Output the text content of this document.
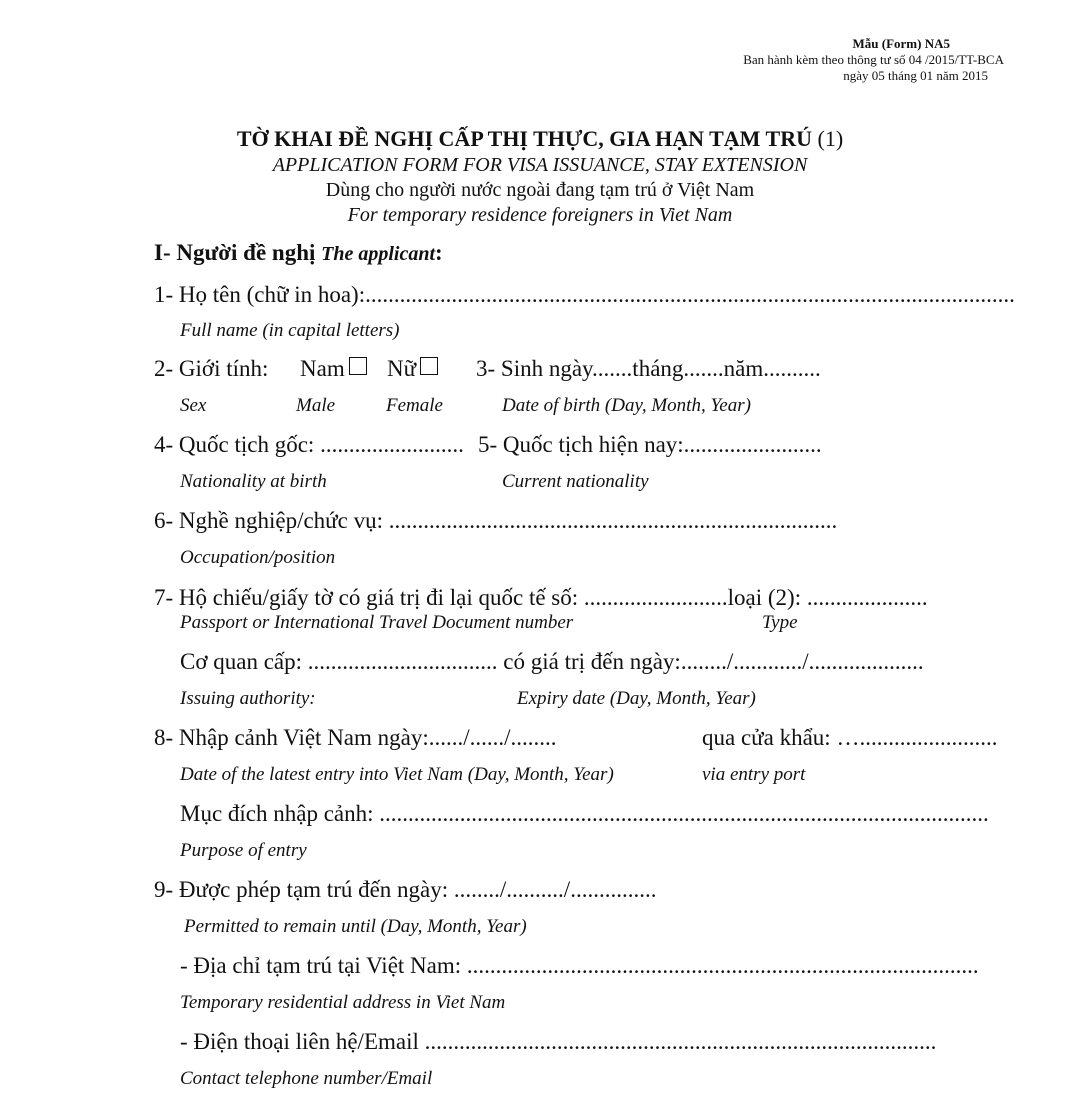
Mẫu (Form) NA5
Ban hành kèm theo thông tư số 04 /2015/TT-BCA
ngày 05 tháng 01 năm 2015
TỜ KHAI ĐỀ NGHỊ CẤP THỊ THỰC, GIA HẠN TẠM TRÚ (1)
APPLICATION FORM FOR VISA ISSUANCE, STAY EXTENSION
Dùng cho người nước ngoài đang tạm trú ở Việt Nam
For temporary residence foreigners in Viet Nam
I- Người đề nghị The applicant:
1- Họ tên (chữ in hoa):.................................................................................................................
Full name (in capital letters)
2- Giới tính: Nam	Nữ	3- Sinh ngày.......tháng.......năm..........
Sex	Male	Female	Date of birth (Day, Month, Year)
4- Quốc tịch gốc: ......................... 5- Quốc tịch hiện nay:........................
Nationality at birth	Current nationality
6- Nghề nghiệp/chức vụ: ..............................................................................
Occupation/position
7- Hộ chiếu/giấy tờ có giá trị đi lại quốc tế số: .........................loại (2): .....................
Passport or International Travel Document number	Type
Cơ quan cấp: ................................. có giá trị đến ngày:......../............/....................
Issuing authority:	Expiry date (Day, Month, Year)
8- Nhập cảnh Việt Nam ngày:....../....../........	qua cửa khẩu: …........................
Date of the latest entry into Viet Nam (Day, Month, Year)	via entry port
Mục đích nhập cảnh: ..........................................................................................................
Purpose of entry
9- Được phép tạm trú đến ngày: ......../........../...............
Permitted to remain until (Day, Month, Year)
- Địa chỉ tạm trú tại Việt Nam: .........................................................................................
Temporary residential address in Viet Nam
- Điện thoại liên hệ/Email .........................................................................................
Contact telephone number/Email
